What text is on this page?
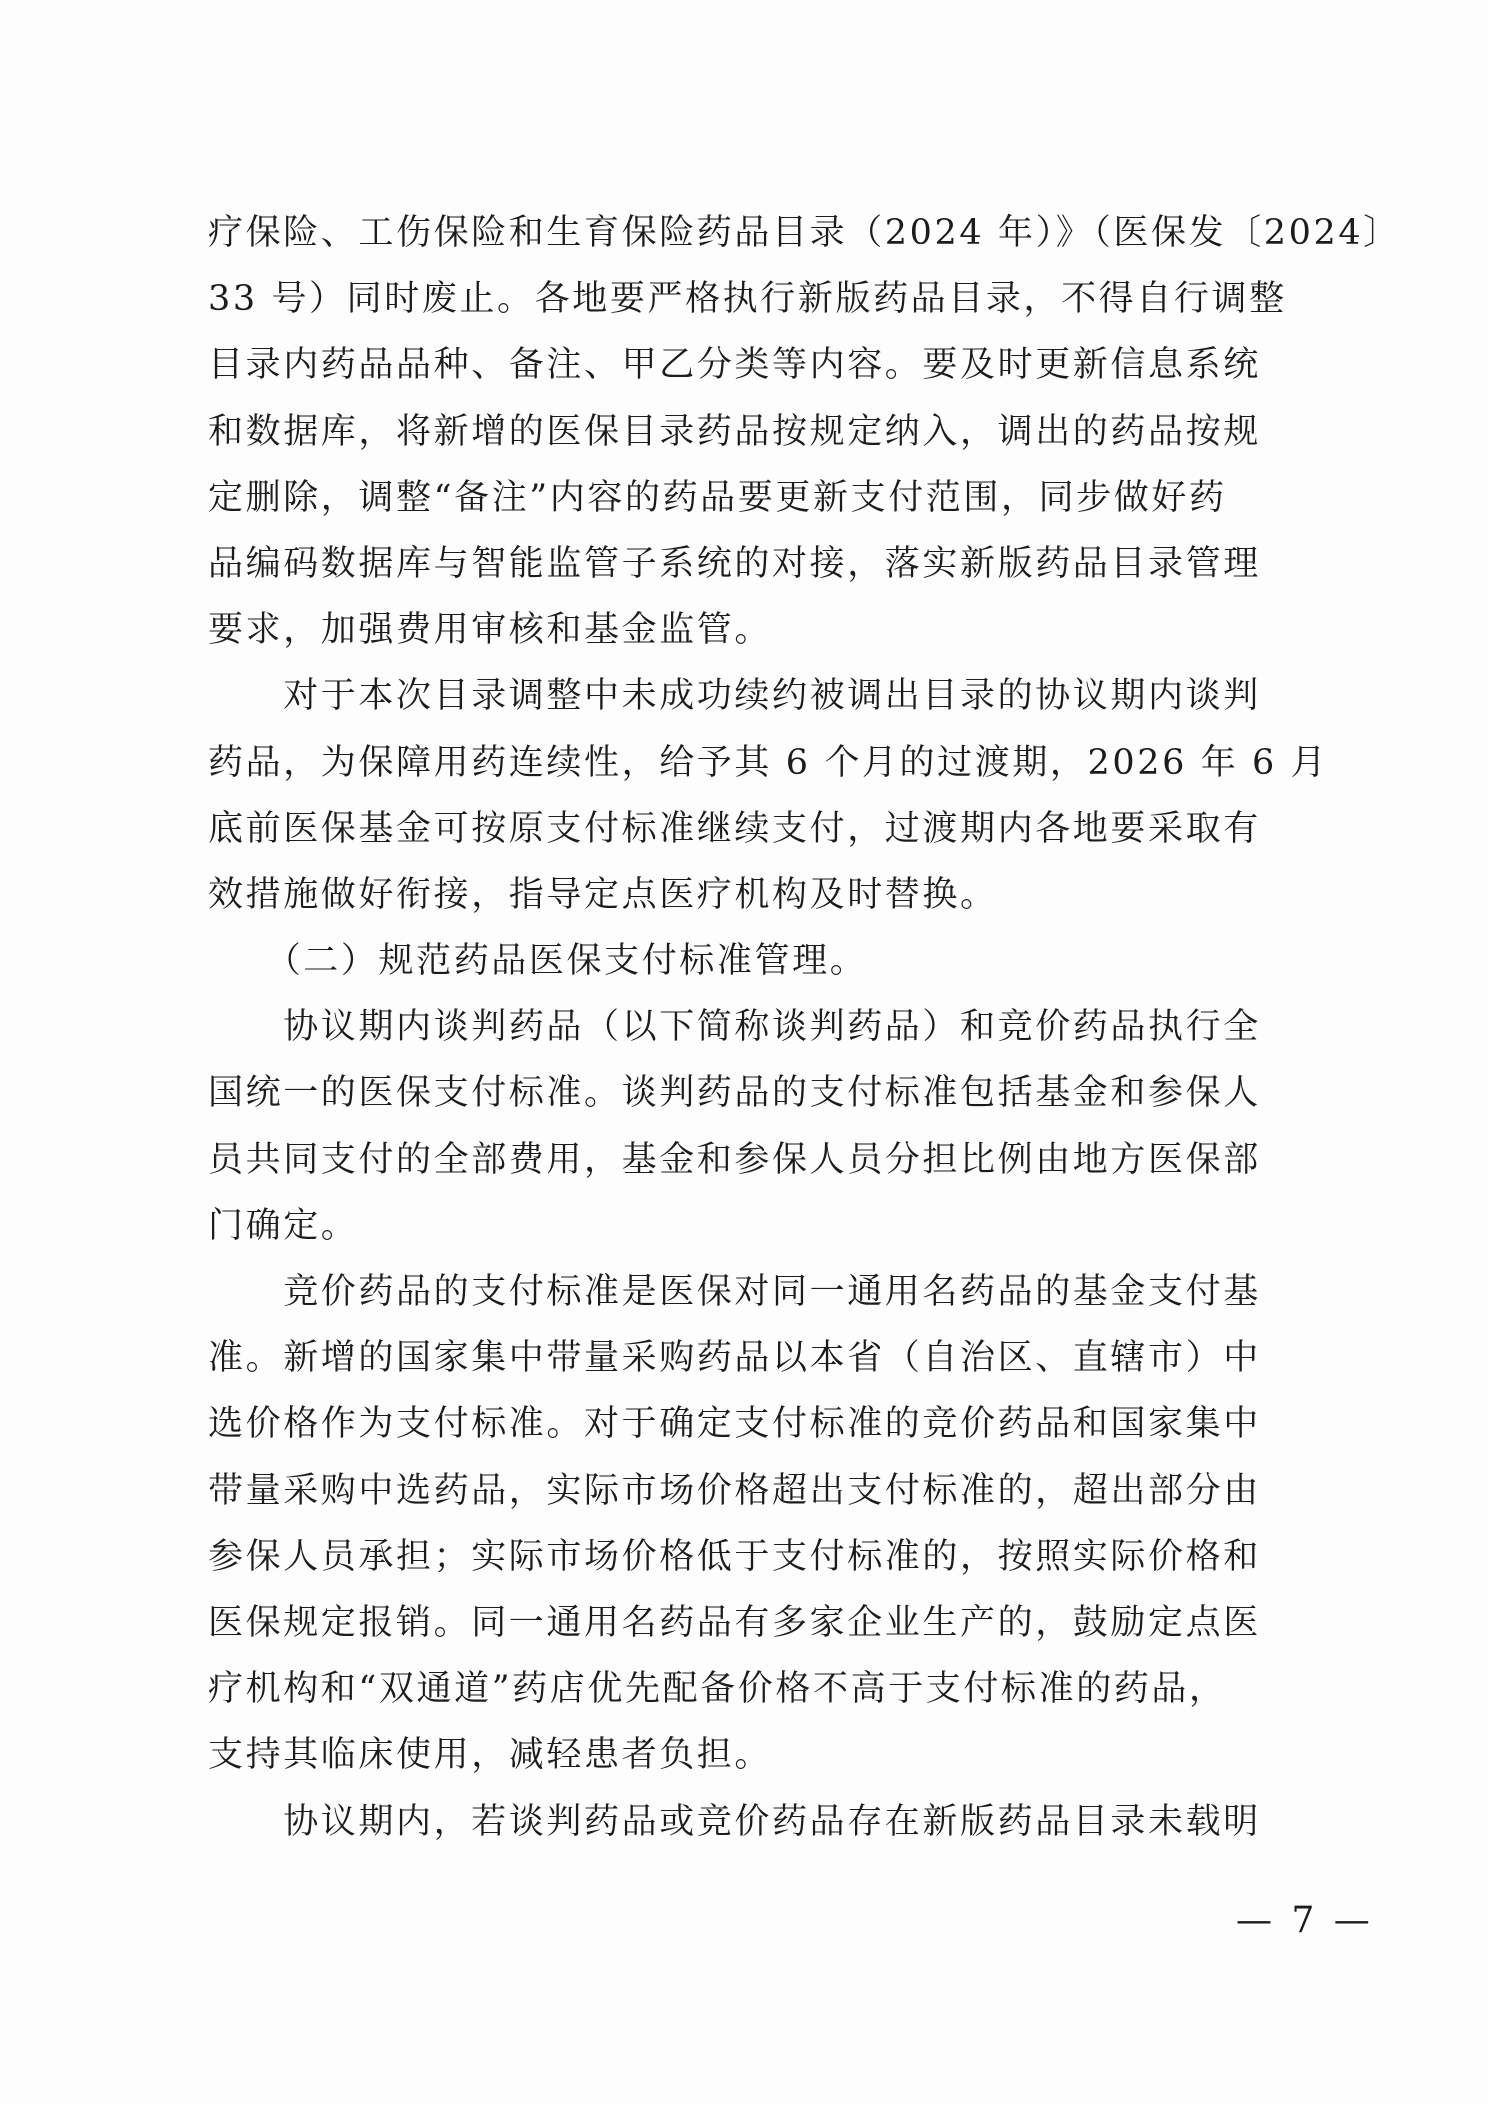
疗保险、工伤保险和生育保险药品目录（2024 年）》（医保发〔2024〕
33 号）同时废止。各地要严格执行新版药品目录，不得自行调整
目录内药品品种、备注、甲乙分类等内容。要及时更新信息系统
和数据库，将新增的医保目录药品按规定纳入，调出的药品按规
定删除，调整“备注”内容的药品要更新支付范围，同步做好药
品编码数据库与智能监管子系统的对接，落实新版药品目录管理
要求，加强费用审核和基金监管。
　　对于本次目录调整中未成功续约被调出目录的协议期内谈判
药品，为保障用药连续性，给予其 6 个月的过渡期，2026 年 6 月
底前医保基金可按原支付标准继续支付，过渡期内各地要采取有
效措施做好衔接，指导定点医疗机构及时替换。
　　（二）规范药品医保支付标准管理。
　　协议期内谈判药品（以下简称谈判药品）和竞价药品执行全
国统一的医保支付标准。谈判药品的支付标准包括基金和参保人
员共同支付的全部费用，基金和参保人员分担比例由地方医保部
门确定。
　　竞价药品的支付标准是医保对同一通用名药品的基金支付基
准。新增的国家集中带量采购药品以本省（自治区、直辖市）中
选价格作为支付标准。对于确定支付标准的竞价药品和国家集中
带量采购中选药品，实际市场价格超出支付标准的，超出部分由
参保人员承担；实际市场价格低于支付标准的，按照实际价格和
医保规定报销。同一通用名药品有多家企业生产的，鼓励定点医
疗机构和“双通道”药店优先配备价格不高于支付标准的药品，
支持其临床使用，减轻患者负担。
　　协议期内，若谈判药品或竞价药品存在新版药品目录未载明
— 7 —
